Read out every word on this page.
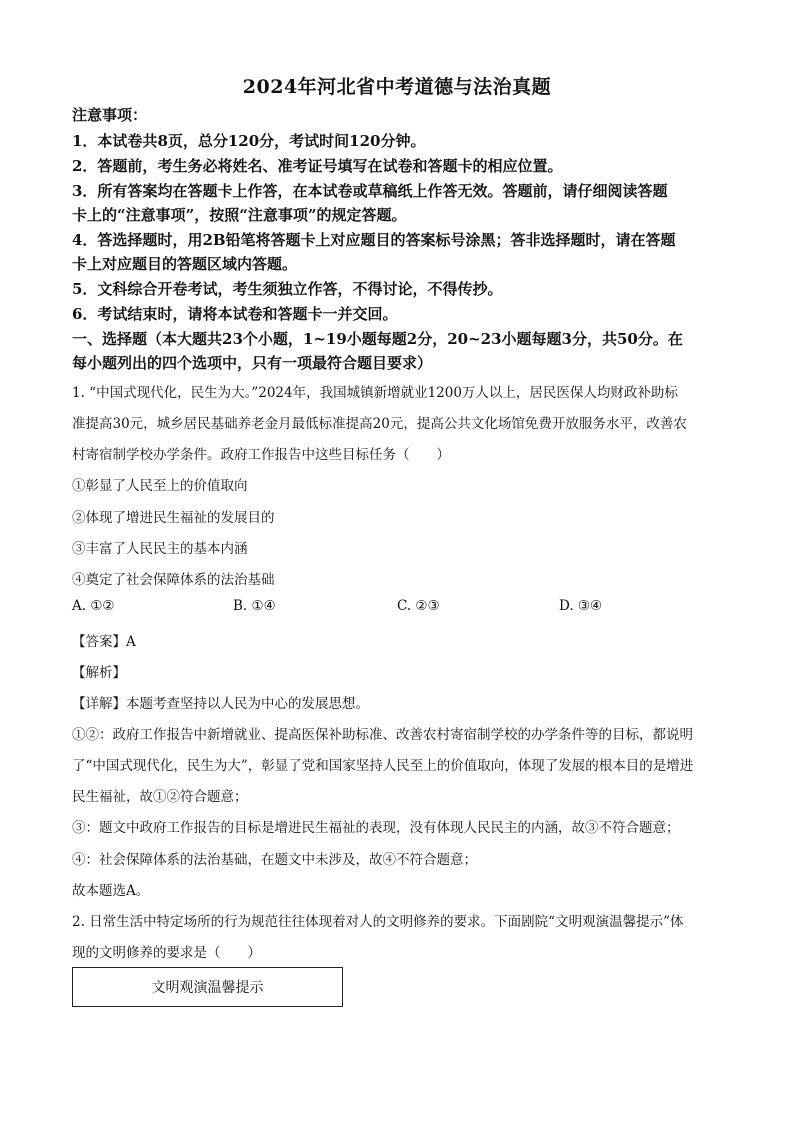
2024年河北省中考道德与法治真题
注意事项：
1．本试卷共8页，总分120分，考试时间120分钟。
2．答题前，考生务必将姓名、准考证号填写在试卷和答题卡的相应位置。
3．所有答案均在答题卡上作答，在本试卷或草稿纸上作答无效。答题前，请仔细阅读答题
卡上的“注意事项”，按照“注意事项”的规定答题。
4．答选择题时，用2B铅笔将答题卡上对应题目的答案标号涂黑；答非选择题时，请在答题
卡上对应题目的答题区域内答题。
5．文科综合开卷考试，考生须独立作答，不得讨论，不得传抄。
6．考试结束时，请将本试卷和答题卡一并交回。
一、选择题（本大题共23个小题，1~19小题每题2分，20~23小题每题3分，共50分。在
每小题列出的四个选项中，只有一项最符合题目要求）
1. “中国式现代化，民生为大。”2024年，我国城镇新增就业1200万人以上，居民医保人均财政补助标
准提高30元，城乡居民基础养老金月最低标准提高20元，提高公共文化场馆免费开放服务水平，改善农
村寄宿制学校办学条件。政府工作报告中这些目标任务（　　）
①彰显了人民至上的价值取向
②体现了增进民生福祉的发展目的
③丰富了人民民主的基本内涵
④奠定了社会保障体系的法治基础
A. ①②	B. ①④	C. ②③	D. ③④
【答案】A
【解析】
【详解】本题考查坚持以人民为中心的发展思想。
①②：政府工作报告中新增就业、提高医保补助标准、改善农村寄宿制学校的办学条件等的目标，都说明
了“中国式现代化，民生为大”，彰显了党和国家坚持人民至上的价值取向，体现了发展的根本目的是增进
民生福祉，故①②符合题意；
③：题文中政府工作报告的目标是增进民生福祉的表现，没有体现人民民主的内涵，故③不符合题意；
④：社会保障体系的法治基础，在题文中未涉及，故④不符合题意；
故本题选A。
2. 日常生活中特定场所的行为规范往往体现着对人的文明修养的要求。下面剧院“文明观演温馨提示”体
现的文明修养的要求是（　　）
文明观演温馨提示
